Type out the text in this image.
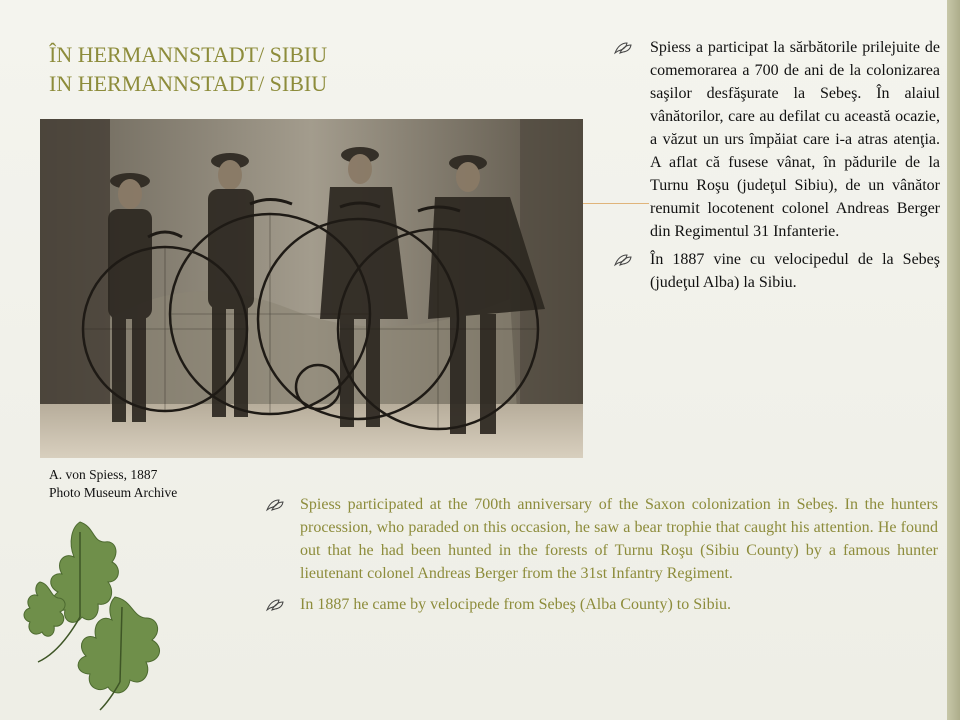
ÎN HERMANNSTADT/ SIBIU
IN HERMANNSTADT/ SIBIU
A. von Spiess, 1887
Photo Museum Archive
Spiess a participat la sărbătorile prilejuite de comemorarea a 700 de ani de la colonizarea saşilor desfăşurate la Sebeş. În alaiul vânătorilor, care au defilat cu această ocazie, a văzut un urs împăiat care i-a atras atenţia. A aflat că fusese vânat, în pădurile de la Turnu Roşu (judeţul Sibiu), de un vânător renumit locotenent colonel Andreas Berger din Regimentul 31 Infanterie.
În 1887 vine cu velocipedul de la Sebeş (judeţul Alba) la Sibiu.
Spiess participated at the 700th anniversary of the Saxon colonization in Sebeş. In the hunters procession, who paraded on this occasion, he saw a bear trophie that caught his attention. He found out that he had been hunted in the forests of Turnu Roşu (Sibiu County) by a famous hunter lieutenant colonel Andreas Berger from the 31st Infantry Regiment.
In 1887 he came by velocipede from Sebeş (Alba County) to Sibiu.
